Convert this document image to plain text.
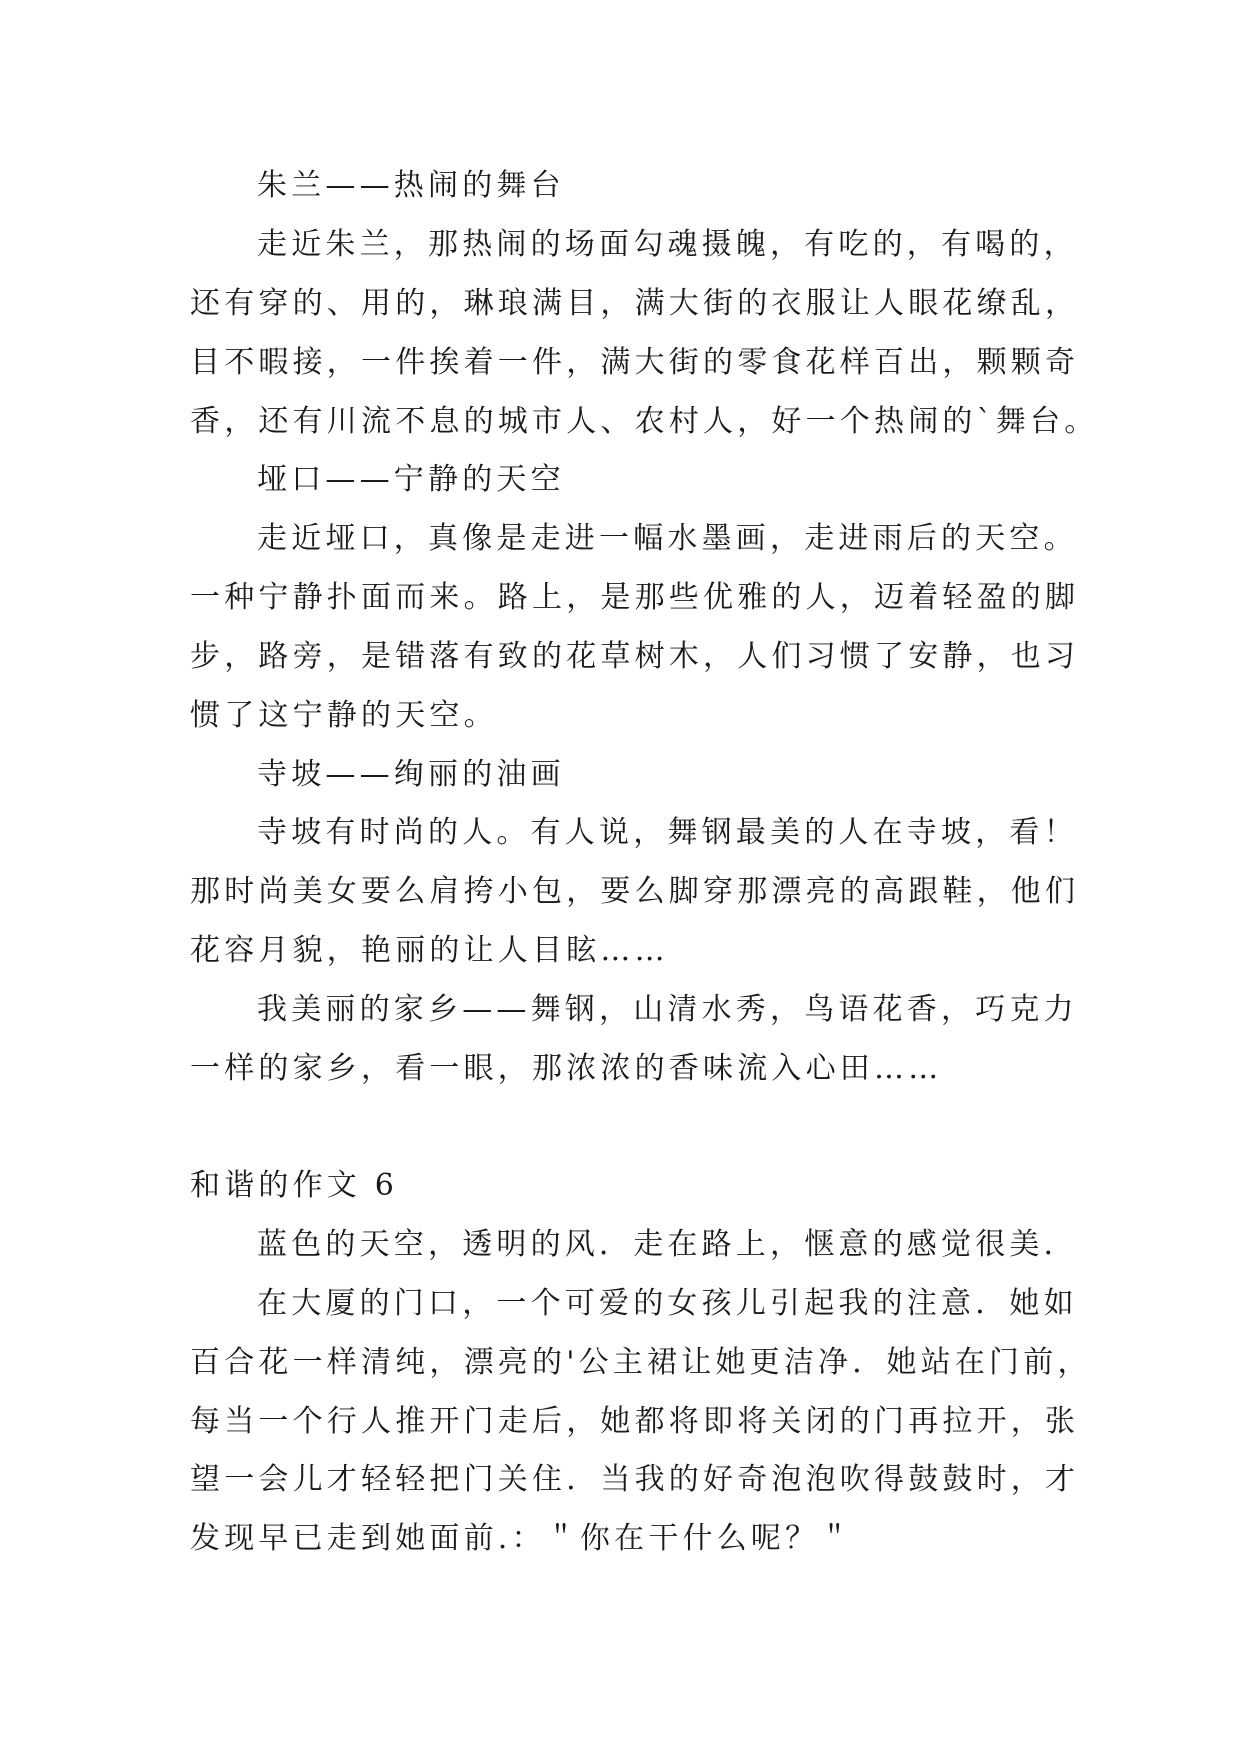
朱兰——热闹的舞台

走近朱兰，那热闹的场面勾魂摄魄，有吃的，有喝的，

还有穿的、用的，琳琅满目，满大街的衣服让人眼花缭乱，

目不暇接，一件挨着一件，满大街的零食花样百出，颗颗奇

香，还有川流不息的城市人、农村人，好一个热闹的`舞台。

垭口——宁静的天空

走近垭口，真像是走进一幅水墨画，走进雨后的天空。

一种宁静扑面而来。路上，是那些优雅的人，迈着轻盈的脚

步，路旁，是错落有致的花草树木，人们习惯了安静，也习

惯了这宁静的天空。

寺坡——绚丽的油画

寺坡有时尚的人。有人说，舞钢最美的人在寺坡，看！

那时尚美女要么肩挎小包，要么脚穿那漂亮的高跟鞋，他们

花容月貌，艳丽的让人目眩……

我美丽的家乡——舞钢，山清水秀，鸟语花香，巧克力

一样的家乡，看一眼，那浓浓的香味流入心田……

和谐的作文 6

蓝色的天空，透明的风．走在路上，惬意的感觉很美．

在大厦的门口，一个可爱的女孩儿引起我的注意．她如

百合花一样清纯，漂亮的'公主裙让她更洁净．她站在门前，

每当一个行人推开门走后，她都将即将关闭的门再拉开，张

望一会儿才轻轻把门关住．当我的好奇泡泡吹得鼓鼓时，才

发现早已走到她面前.：＂你在干什么呢？＂
